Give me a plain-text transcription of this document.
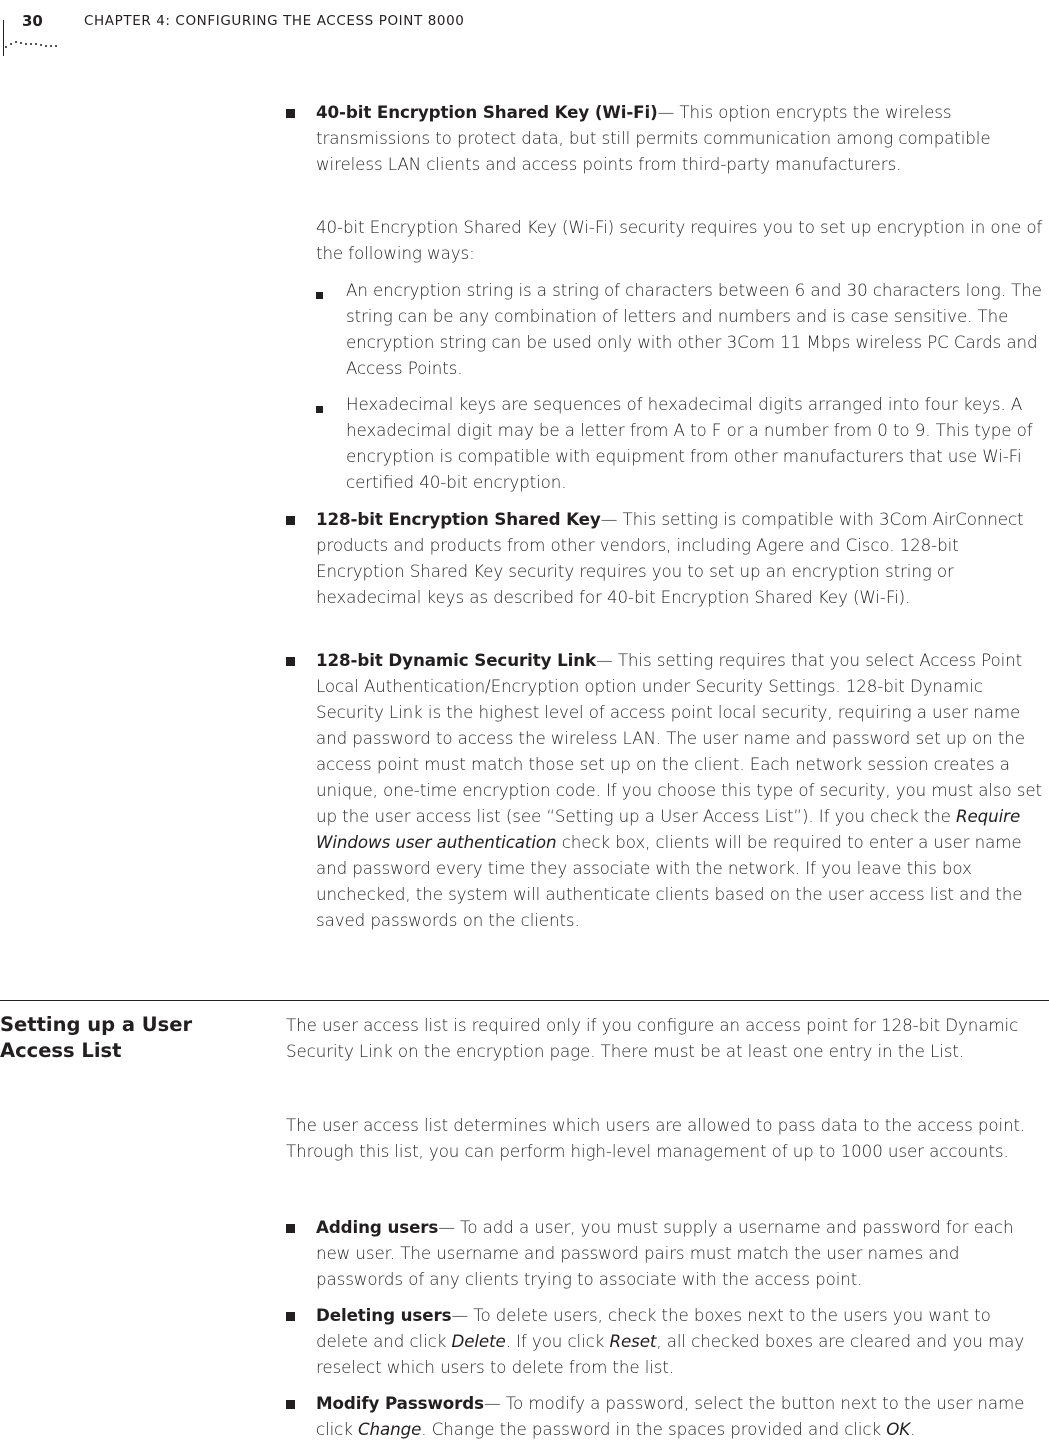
30	CHAPTER 4: CONFIGURING THE ACCESS POINT 8000
40-bit Encryption Shared Key (Wi-Fi)— This option encrypts the wireless transmissions to protect data, but still permits communication among compatible wireless LAN clients and access points from third-party manufacturers.
40-bit Encryption Shared Key (Wi-Fi) security requires you to set up encryption in one of the following ways:
An encryption string is a string of characters between 6 and 30 characters long. The string can be any combination of letters and numbers and is case sensitive. The encryption string can be used only with other 3Com 11 Mbps wireless PC Cards and Access Points.
Hexadecimal keys are sequences of hexadecimal digits arranged into four keys. A hexadecimal digit may be a letter from A to F or a number from 0 to 9. This type of encryption is compatible with equipment from other manufacturers that use Wi-Fi certiﬁed 40-bit encryption.
128-bit Encryption Shared Key— This setting is compatible with 3Com AirConnect products and products from other vendors, including Agere and Cisco. 128-bit Encryption Shared Key security requires you to set up an encryption string or hexadecimal keys as described for 40-bit Encryption Shared Key (Wi-Fi).
128-bit Dynamic Security Link— This setting requires that you select Access Point Local Authentication/Encryption option under Security Settings. 128-bit Dynamic Security Link is the highest level of access point local security, requiring a user name and password to access the wireless LAN. The user name and password set up on the access point must match those set up on the client. Each network session creates a unique, one-time encryption code. If you choose this type of security, you must also set up the user access list (see “Setting up a User Access List”). If you check the Require Windows user authentication check box, clients will be required to enter a user name and password every time they associate with the network. If you leave this box unchecked, the system will authenticate clients based on the user access list and the saved passwords on the clients.
Setting up a User Access List
The user access list is required only if you conﬁgure an access point for 128-bit Dynamic Security Link on the encryption page. There must be at least one entry in the List.
The user access list determines which users are allowed to pass data to the access point. Through this list, you can perform high-level management of up to 1000 user accounts.
Adding users— To add a user, you must supply a username and password for each new user. The username and password pairs must match the user names and passwords of any clients trying to associate with the access point.
Deleting users— To delete users, check the boxes next to the users you want to delete and click Delete. If you click Reset, all checked boxes are cleared and you may reselect which users to delete from the list.
Modify Passwords— To modify a password, select the button next to the user name click Change. Change the password in the spaces provided and click OK.
